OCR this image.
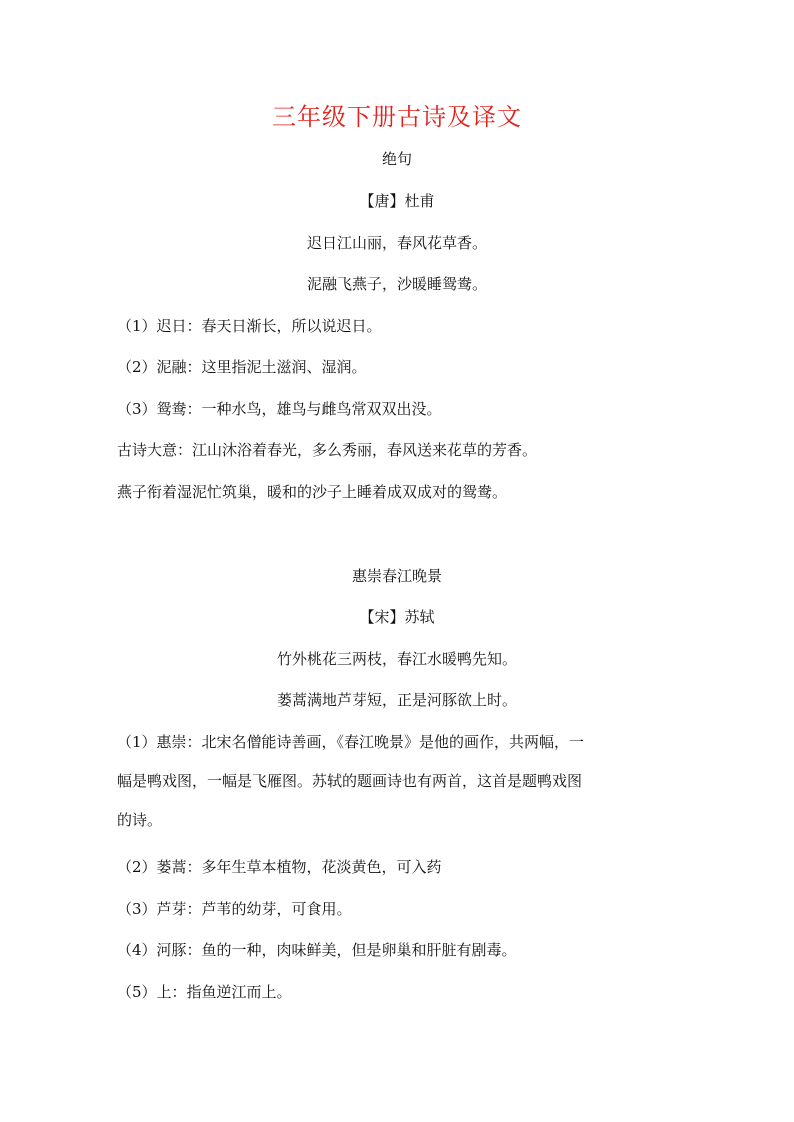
三年级下册古诗及译文
绝句
【唐】杜甫
迟日江山丽，春风花草香。
泥融飞燕子，沙暖睡鸳鸯。
（1）迟日：春天日渐长，所以说迟日。
（2）泥融：这里指泥土滋润、湿润。
（3）鸳鸯：一种水鸟，雄鸟与雌鸟常双双出没。
古诗大意：江山沐浴着春光，多么秀丽，春风送来花草的芳香。
燕子衔着湿泥忙筑巢，暖和的沙子上睡着成双成对的鸳鸯。
惠崇春江晚景
【宋】苏轼
竹外桃花三两枝，春江水暖鸭先知。
蒌蒿满地芦芽短，正是河豚欲上时。
（1）惠崇：北宋名僧能诗善画，《春江晚景》是他的画作，共两幅，一
幅是鸭戏图，一幅是飞雁图。苏轼的题画诗也有两首，这首是题鸭戏图
的诗。
（2）蒌蒿：多年生草本植物，花淡黄色，可入药
（3）芦芽：芦苇的幼芽，可食用。
（4）河豚：鱼的一种，肉味鲜美，但是卵巢和肝脏有剧毒。
（5）上：指鱼逆江而上。
